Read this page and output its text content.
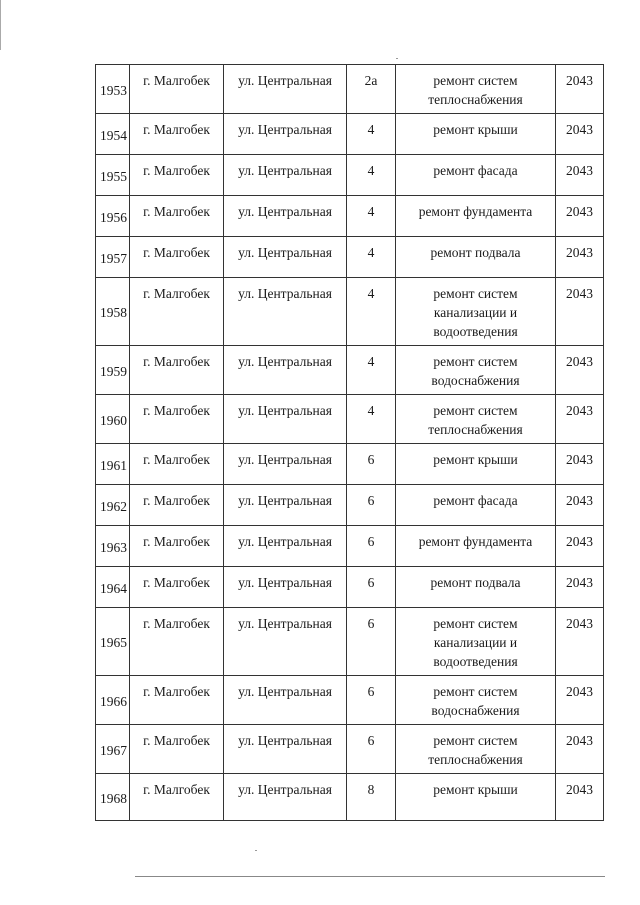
1953	г. Малгобек	ул. Центральная	2а	ремонт систем теплоснабжения	2043
1954	г. Малгобек	ул. Центральная	4	ремонт крыши	2043
1955	г. Малгобек	ул. Центральная	4	ремонт фасада	2043
1956	г. Малгобек	ул. Центральная	4	ремонт фундамента	2043
1957	г. Малгобек	ул. Центральная	4	ремонт подвала	2043
1958	г. Малгобек	ул. Центральная	4	ремонт систем канализации и водоотведения	2043
1959	г. Малгобек	ул. Центральная	4	ремонт систем водоснабжения	2043
1960	г. Малгобек	ул. Центральная	4	ремонт систем теплоснабжения	2043
1961	г. Малгобек	ул. Центральная	6	ремонт крыши	2043
1962	г. Малгобек	ул. Центральная	6	ремонт фасада	2043
1963	г. Малгобек	ул. Центральная	6	ремонт фундамента	2043
1964	г. Малгобек	ул. Центральная	6	ремонт подвала	2043
1965	г. Малгобек	ул. Центральная	6	ремонт систем канализации и водоотведения	2043
1966	г. Малгобек	ул. Центральная	6	ремонт систем водоснабжения	2043
1967	г. Малгобек	ул. Центральная	6	ремонт систем теплоснабжения	2043
1968	г. Малгобек	ул. Центральная	8	ремонт крыши	2043
